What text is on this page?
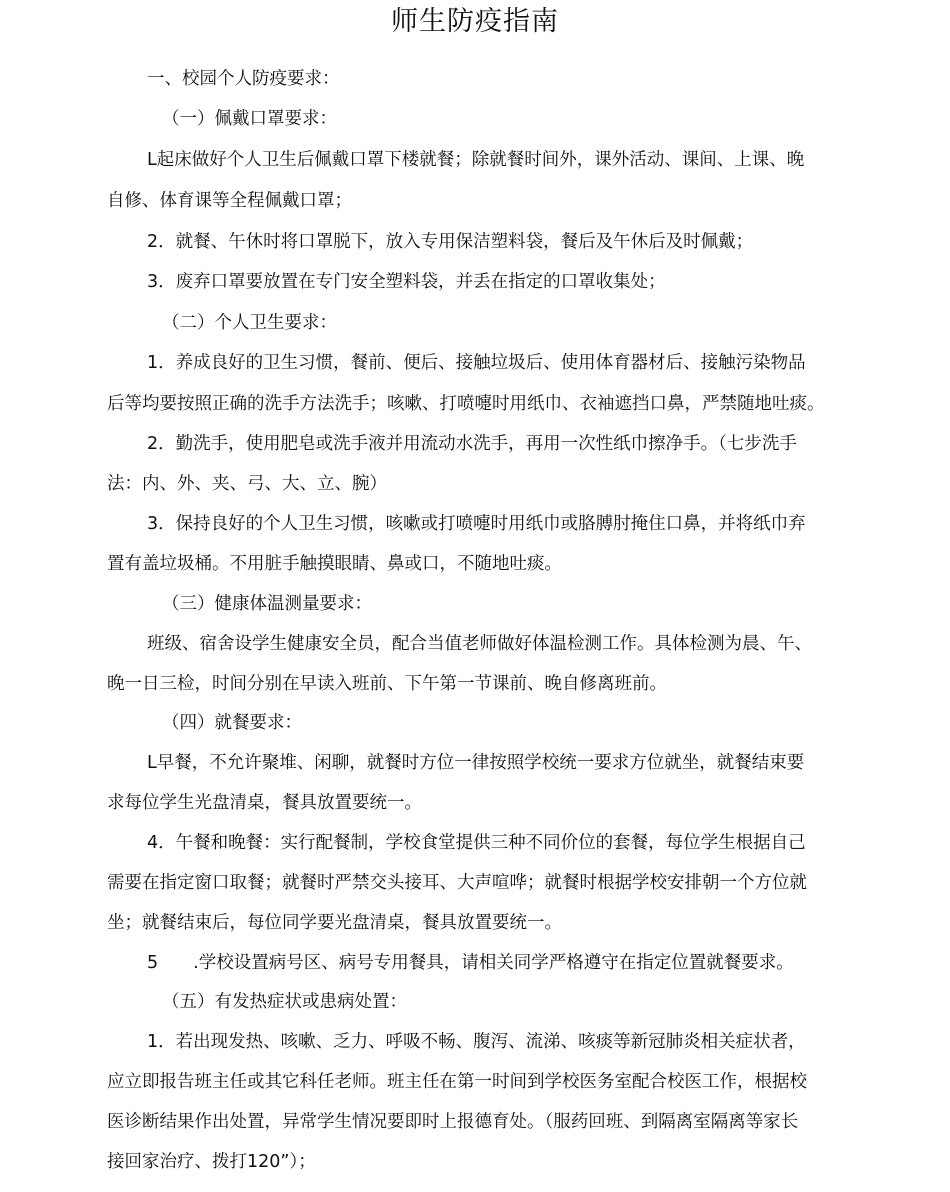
师生防疫指南
一、校园个人防疫要求：
（一）佩戴口罩要求：
L起床做好个人卫生后佩戴口罩下楼就餐；除就餐时间外，课外活动、课间、上课、晚
自修、体育课等全程佩戴口罩；
2．就餐、午休时将口罩脱下，放入专用保洁塑料袋，餐后及午休后及时佩戴；
3．废弃口罩要放置在专门安全塑料袋，并丢在指定的口罩收集处；
（二）个人卫生要求：
1．养成良好的卫生习惯，餐前、便后、接触垃圾后、使用体育器材后、接触污染物品
后等均要按照正确的洗手方法洗手；咳嗽、打喷嚏时用纸巾、衣袖遮挡口鼻，严禁随地吐痰。
2．勤洗手，使用肥皂或洗手液并用流动水洗手，再用一次性纸巾擦净手。（七步洗手
法：内、外、夹、弓、大、立、腕）
3．保持良好的个人卫生习惯，咳嗽或打喷嚏时用纸巾或胳膊肘掩住口鼻，并将纸巾弃
置有盖垃圾桶。不用脏手触摸眼睛、鼻或口，不随地吐痰。
（三）健康体温测量要求：
班级、宿舍设学生健康安全员，配合当值老师做好体温检测工作。具体检测为晨、午、
晚一日三检，时间分别在早读入班前、下午第一节课前、晚自修离班前。
（四）就餐要求：
L早餐，不允许聚堆、闲聊，就餐时方位一律按照学校统一要求方位就坐，就餐结束要
求每位学生光盘清桌，餐具放置要统一。
4．午餐和晚餐：实行配餐制，学校食堂提供三种不同价位的套餐，每位学生根据自己
需要在指定窗口取餐；就餐时严禁交头接耳、大声喧哗；就餐时根据学校安排朝一个方位就
坐；就餐结束后，每位同学要光盘清桌，餐具放置要统一。
5　　.学校设置病号区、病号专用餐具，请相关同学严格遵守在指定位置就餐要求。
（五）有发热症状或患病处置：
1．若出现发热、咳嗽、乏力、呼吸不畅、腹泻、流涕、咳痰等新冠肺炎相关症状者，
应立即报告班主任或其它科任老师。班主任在第一时间到学校医务室配合校医工作，根据校
医诊断结果作出处置，异常学生情况要即时上报德育处。（服药回班、到隔离室隔离等家长
接回家治疗、拨打120”）；
